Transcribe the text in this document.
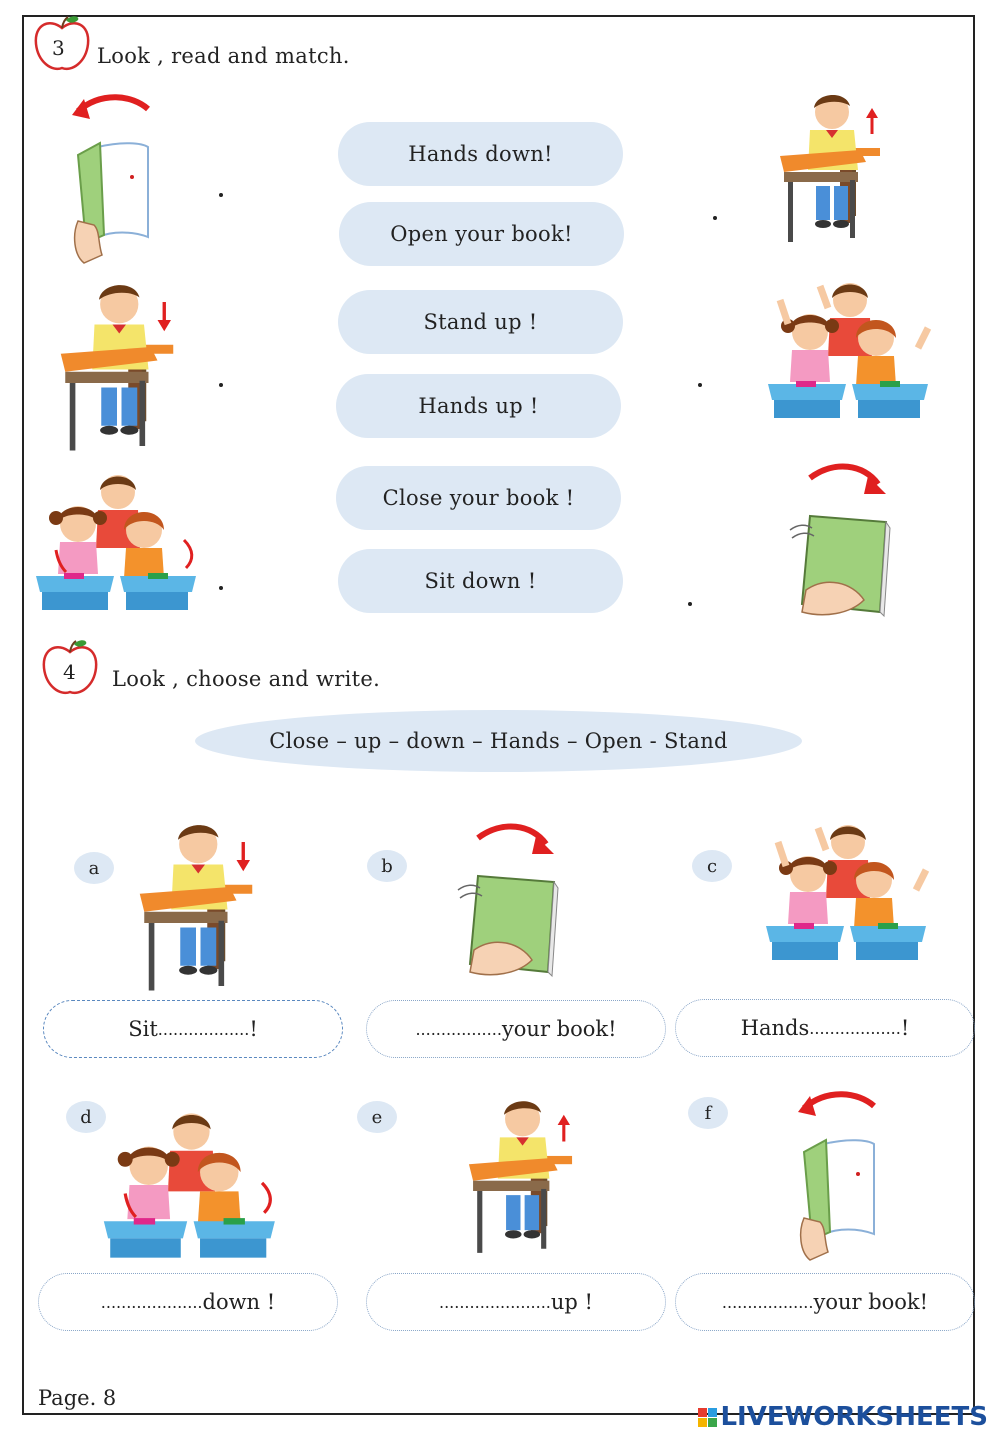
3 Look , read and match.
Hands down!
Open your book!
Stand up !
Hands up !
Close your book !
Sit down !
4 Look , choose and write.
Close – up – down – Hands – Open - Stand
a	b	c
Sit .................. !	................. your book!	Hands .................. !
d	e	f
.................... down !	...................... up !	.................. your book!
Page. 8
LIVEWORKSHEETS
